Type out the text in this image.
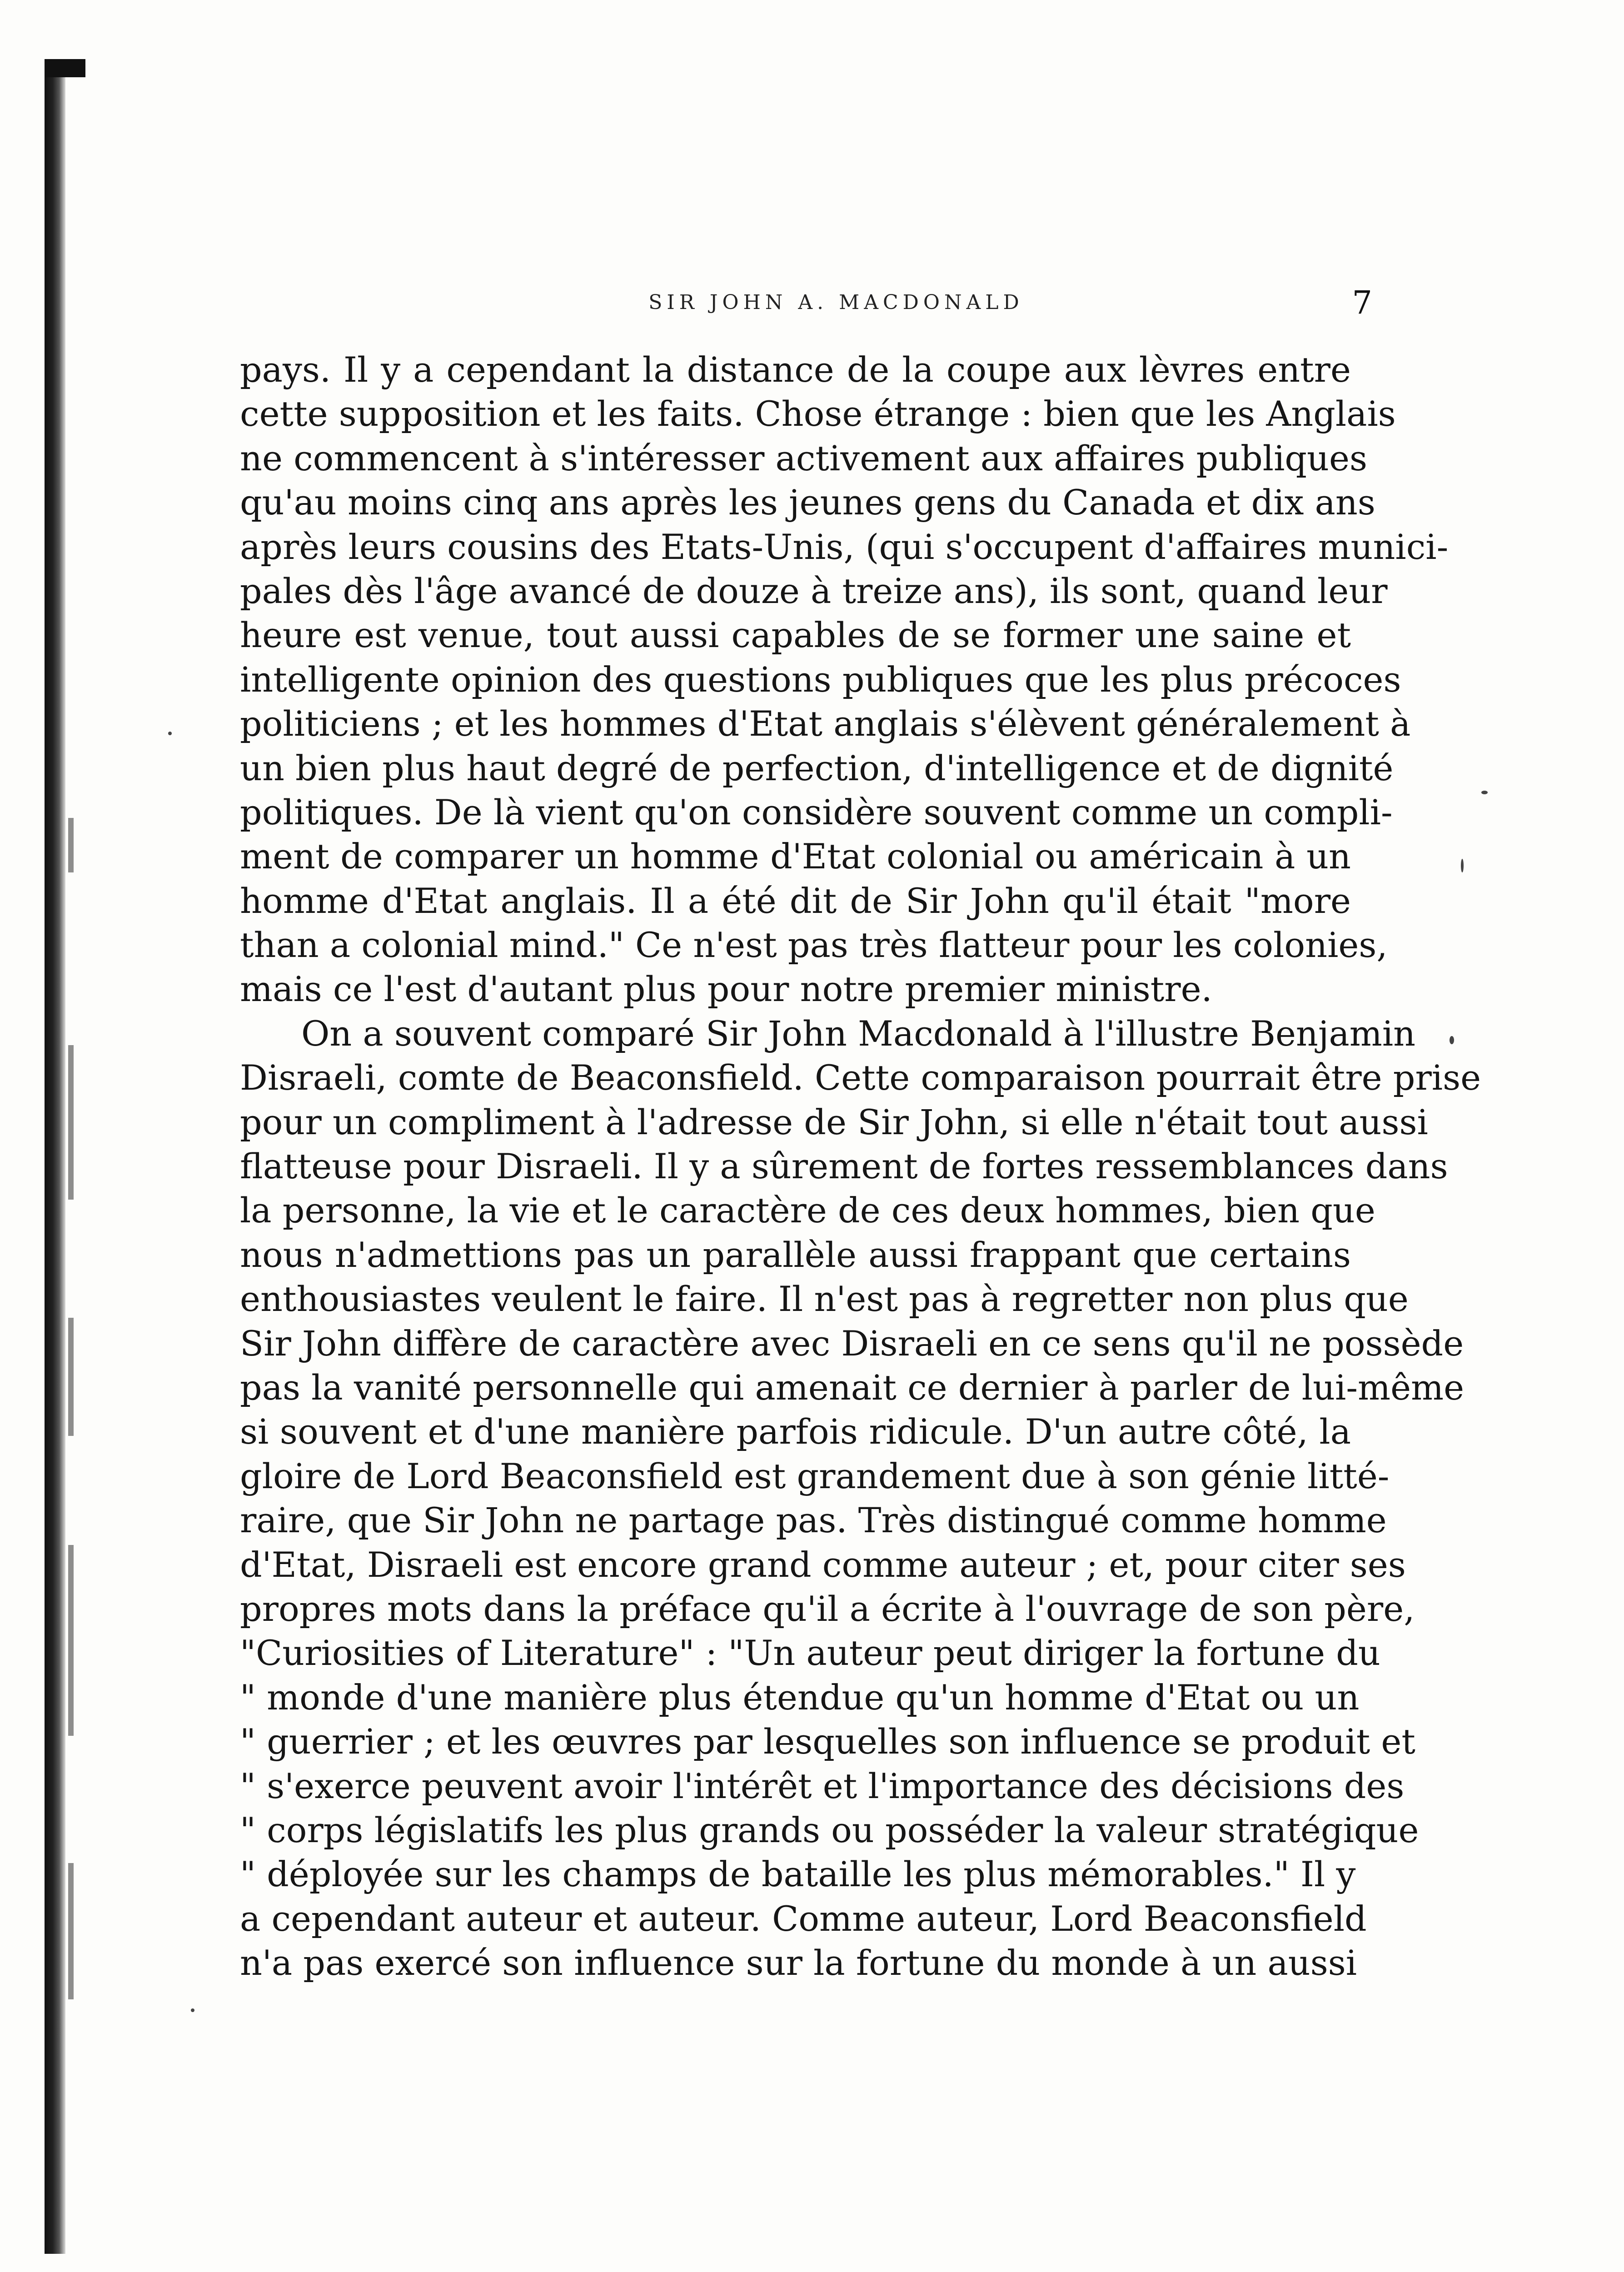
SIR JOHN A. MACDONALD	7
pays. Il y a cependant la distance de la coupe aux lèvres entre
cette supposition et les faits. Chose étrange : bien que les Anglais
ne commencent à s'intéresser activement aux affaires publiques
qu'au moins cinq ans après les jeunes gens du Canada et dix ans
après leurs cousins des Etats-Unis, (qui s'occupent d'affaires munici-
pales dès l'âge avancé de douze à treize ans), ils sont, quand leur
heure est venue, tout aussi capables de se former une saine et
intelligente opinion des questions publiques que les plus précoces
politiciens ; et les hommes d'Etat anglais s'élèvent généralement à
un bien plus haut degré de perfection, d'intelligence et de dignité
politiques. De là vient qu'on considère souvent comme un compli-
ment de comparer un homme d'Etat colonial ou américain à un
homme d'Etat anglais. Il a été dit de Sir John qu'il était "more
than a colonial mind." Ce n'est pas très flatteur pour les colonies,
mais ce l'est d'autant plus pour notre premier ministre.
On a souvent comparé Sir John Macdonald à l'illustre Benjamin
Disraeli, comte de Beaconsfield. Cette comparaison pourrait être prise
pour un compliment à l'adresse de Sir John, si elle n'était tout aussi
flatteuse pour Disraeli. Il y a sûrement de fortes ressemblances dans
la personne, la vie et le caractère de ces deux hommes, bien que
nous n'admettions pas un parallèle aussi frappant que certains
enthousiastes veulent le faire. Il n'est pas à regretter non plus que
Sir John diffère de caractère avec Disraeli en ce sens qu'il ne possède
pas la vanité personnelle qui amenait ce dernier à parler de lui-même
si souvent et d'une manière parfois ridicule. D'un autre côté, la
gloire de Lord Beaconsfield est grandement due à son génie litté-
raire, que Sir John ne partage pas. Très distingué comme homme
d'Etat, Disraeli est encore grand comme auteur ; et, pour citer ses
propres mots dans la préface qu'il a écrite à l'ouvrage de son père,
"Curiosities of Literature" : "Un auteur peut diriger la fortune du
" monde d'une manière plus étendue qu'un homme d'Etat ou un
" guerrier ; et les œuvres par lesquelles son influence se produit et
" s'exerce peuvent avoir l'intérêt et l'importance des décisions des
" corps législatifs les plus grands ou posséder la valeur stratégique
" déployée sur les champs de bataille les plus mémorables." Il y
a cependant auteur et auteur. Comme auteur, Lord Beaconsfield
n'a pas exercé son influence sur la fortune du monde à un aussi
